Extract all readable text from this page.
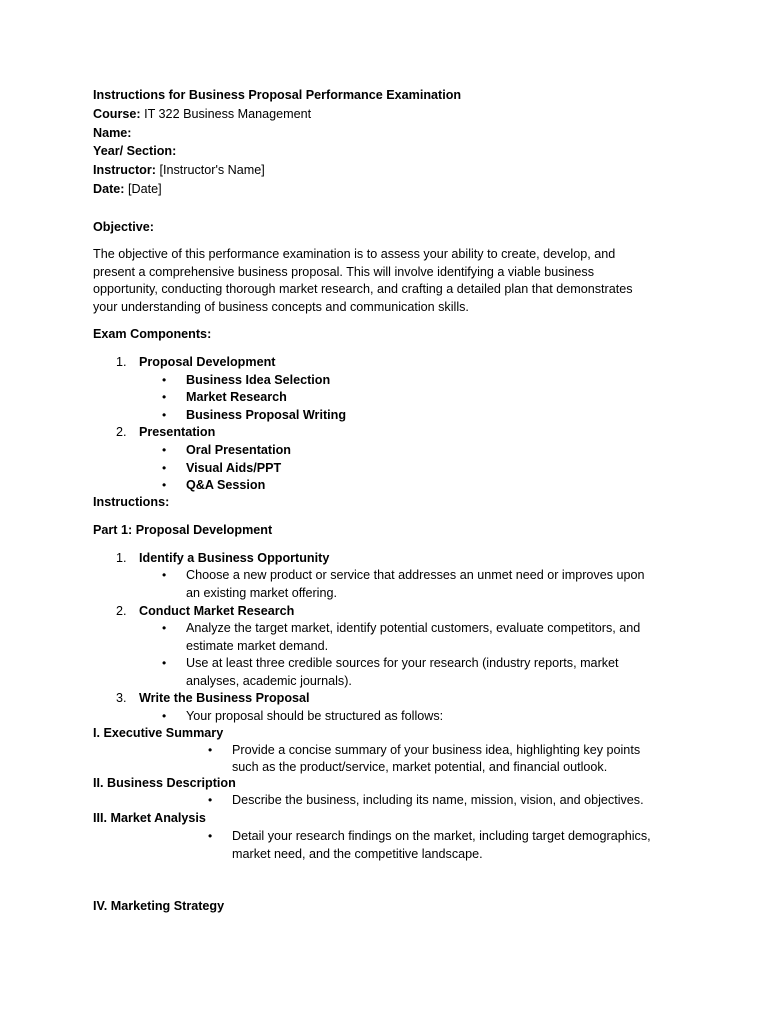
Instructions for Business Proposal Performance Examination
Course: IT 322 Business Management
Name:
Year/ Section:
Instructor: [Instructor's Name]
Date: [Date]
Objective:
The objective of this performance examination is to assess your ability to create, develop, and
present a comprehensive business proposal. This will involve identifying a viable business
opportunity, conducting thorough market research, and crafting a detailed plan that demonstrates
your understanding of business concepts and communication skills.
Exam Components:
1. Proposal Development
• Business Idea Selection
• Market Research
• Business Proposal Writing
2. Presentation
• Oral Presentation
• Visual Aids/PPT
• Q&A Session
Instructions:
Part 1: Proposal Development
1. Identify a Business Opportunity
• Choose a new product or service that addresses an unmet need or improves upon
an existing market offering.
2. Conduct Market Research
• Analyze the target market, identify potential customers, evaluate competitors, and
estimate market demand.
• Use at least three credible sources for your research (industry reports, market
analyses, academic journals).
3. Write the Business Proposal
• Your proposal should be structured as follows:
I. Executive Summary
• Provide a concise summary of your business idea, highlighting key points
such as the product/service, market potential, and financial outlook.
II. Business Description
• Describe the business, including its name, mission, vision, and objectives.
III. Market Analysis
• Detail your research findings on the market, including target demographics,
market need, and the competitive landscape.
IV. Marketing Strategy
